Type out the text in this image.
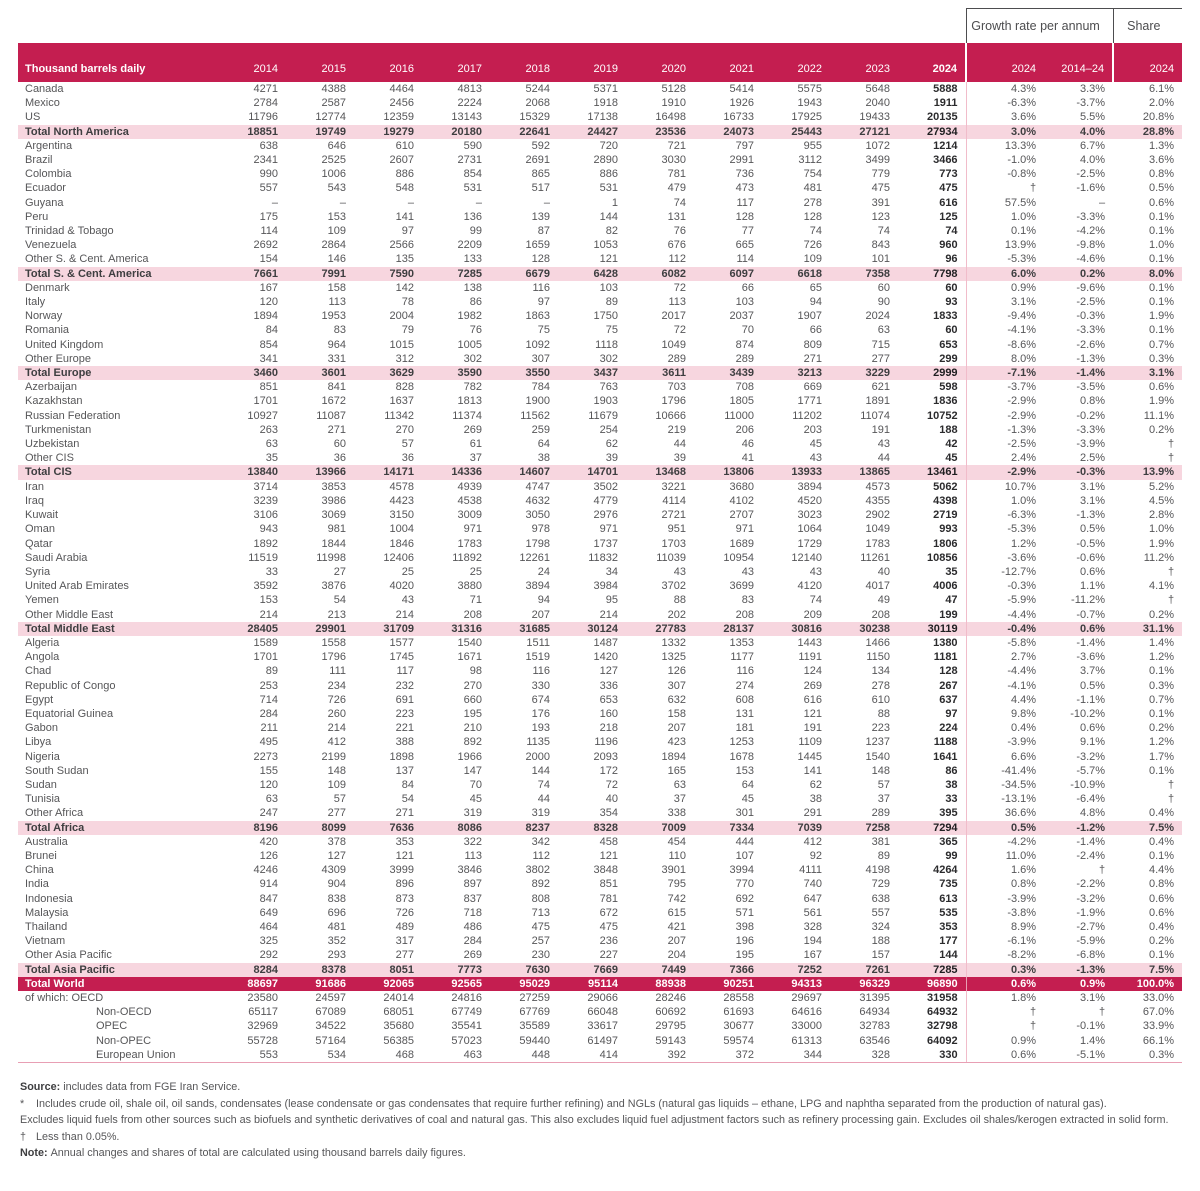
												Growth rate per annum		Share
Thousand barrels daily	2014	2015	2016	2017	2018	2019	2020	2021	2022	2023	2024	2024	2014–24	2024
Canada	4271	4388	4464	4813	5244	5371	5128	5414	5575	5648	5888	4.3%	3.3%	6.1%
Mexico	2784	2587	2456	2224	2068	1918	1910	1926	1943	2040	1911	-6.3%	-3.7%	2.0%
US	11796	12774	12359	13143	15329	17138	16498	16733	17925	19433	20135	3.6%	5.5%	20.8%
Total North America	18851	19749	19279	20180	22641	24427	23536	24073	25443	27121	27934	3.0%	4.0%	28.8%
Argentina	638	646	610	590	592	720	721	797	955	1072	1214	13.3%	6.7%	1.3%
Brazil	2341	2525	2607	2731	2691	2890	3030	2991	3112	3499	3466	-1.0%	4.0%	3.6%
Colombia	990	1006	886	854	865	886	781	736	754	779	773	-0.8%	-2.5%	0.8%
Ecuador	557	543	548	531	517	531	479	473	481	475	475	†	-1.6%	0.5%
Guyana	–	–	–	–	–	1	74	117	278	391	616	57.5%	–	0.6%
Peru	175	153	141	136	139	144	131	128	128	123	125	1.0%	-3.3%	0.1%
Trinidad & Tobago	114	109	97	99	87	82	76	77	74	74	74	0.1%	-4.2%	0.1%
Venezuela	2692	2864	2566	2209	1659	1053	676	665	726	843	960	13.9%	-9.8%	1.0%
Other S. & Cent. America	154	146	135	133	128	121	112	114	109	101	96	-5.3%	-4.6%	0.1%
Total S. & Cent. America	7661	7991	7590	7285	6679	6428	6082	6097	6618	7358	7798	6.0%	0.2%	8.0%
Denmark	167	158	142	138	116	103	72	66	65	60	60	0.9%	-9.6%	0.1%
Italy	120	113	78	86	97	89	113	103	94	90	93	3.1%	-2.5%	0.1%
Norway	1894	1953	2004	1982	1863	1750	2017	2037	1907	2024	1833	-9.4%	-0.3%	1.9%
Romania	84	83	79	76	75	75	72	70	66	63	60	-4.1%	-3.3%	0.1%
United Kingdom	854	964	1015	1005	1092	1118	1049	874	809	715	653	-8.6%	-2.6%	0.7%
Other Europe	341	331	312	302	307	302	289	289	271	277	299	8.0%	-1.3%	0.3%
Total Europe	3460	3601	3629	3590	3550	3437	3611	3439	3213	3229	2999	-7.1%	-1.4%	3.1%
Azerbaijan	851	841	828	782	784	763	703	708	669	621	598	-3.7%	-3.5%	0.6%
Kazakhstan	1701	1672	1637	1813	1900	1903	1796	1805	1771	1891	1836	-2.9%	0.8%	1.9%
Russian Federation	10927	11087	11342	11374	11562	11679	10666	11000	11202	11074	10752	-2.9%	-0.2%	11.1%
Turkmenistan	263	271	270	269	259	254	219	206	203	191	188	-1.3%	-3.3%	0.2%
Uzbekistan	63	60	57	61	64	62	44	46	45	43	42	-2.5%	-3.9%	†
Other CIS	35	36	36	37	38	39	39	41	43	44	45	2.4%	2.5%	†
Total CIS	13840	13966	14171	14336	14607	14701	13468	13806	13933	13865	13461	-2.9%	-0.3%	13.9%
Iran	3714	3853	4578	4939	4747	3502	3221	3680	3894	4573	5062	10.7%	3.1%	5.2%
Iraq	3239	3986	4423	4538	4632	4779	4114	4102	4520	4355	4398	1.0%	3.1%	4.5%
Kuwait	3106	3069	3150	3009	3050	2976	2721	2707	3023	2902	2719	-6.3%	-1.3%	2.8%
Oman	943	981	1004	971	978	971	951	971	1064	1049	993	-5.3%	0.5%	1.0%
Qatar	1892	1844	1846	1783	1798	1737	1703	1689	1729	1783	1806	1.2%	-0.5%	1.9%
Saudi Arabia	11519	11998	12406	11892	12261	11832	11039	10954	12140	11261	10856	-3.6%	-0.6%	11.2%
Syria	33	27	25	25	24	34	43	43	43	40	35	-12.7%	0.6%	†
United Arab Emirates	3592	3876	4020	3880	3894	3984	3702	3699	4120	4017	4006	-0.3%	1.1%	4.1%
Yemen	153	54	43	71	94	95	88	83	74	49	47	-5.9%	-11.2%	†
Other Middle East	214	213	214	208	207	214	202	208	209	208	199	-4.4%	-0.7%	0.2%
Total Middle East	28405	29901	31709	31316	31685	30124	27783	28137	30816	30238	30119	-0.4%	0.6%	31.1%
Algeria	1589	1558	1577	1540	1511	1487	1332	1353	1443	1466	1380	-5.8%	-1.4%	1.4%
Angola	1701	1796	1745	1671	1519	1420	1325	1177	1191	1150	1181	2.7%	-3.6%	1.2%
Chad	89	111	117	98	116	127	126	116	124	134	128	-4.4%	3.7%	0.1%
Republic of Congo	253	234	232	270	330	336	307	274	269	278	267	-4.1%	0.5%	0.3%
Egypt	714	726	691	660	674	653	632	608	616	610	637	4.4%	-1.1%	0.7%
Equatorial Guinea	284	260	223	195	176	160	158	131	121	88	97	9.8%	-10.2%	0.1%
Gabon	211	214	221	210	193	218	207	181	191	223	224	0.4%	0.6%	0.2%
Libya	495	412	388	892	1135	1196	423	1253	1109	1237	1188	-3.9%	9.1%	1.2%
Nigeria	2273	2199	1898	1966	2000	2093	1894	1678	1445	1540	1641	6.6%	-3.2%	1.7%
South Sudan	155	148	137	147	144	172	165	153	141	148	86	-41.4%	-5.7%	0.1%
Sudan	120	109	84	70	74	72	63	64	62	57	38	-34.5%	-10.9%	†
Tunisia	63	57	54	45	44	40	37	45	38	37	33	-13.1%	-6.4%	†
Other Africa	247	277	271	319	319	354	338	301	291	289	395	36.6%	4.8%	0.4%
Total Africa	8196	8099	7636	8086	8237	8328	7009	7334	7039	7258	7294	0.5%	-1.2%	7.5%
Australia	420	378	353	322	342	458	454	444	412	381	365	-4.2%	-1.4%	0.4%
Brunei	126	127	121	113	112	121	110	107	92	89	99	11.0%	-2.4%	0.1%
China	4246	4309	3999	3846	3802	3848	3901	3994	4111	4198	4264	1.6%	†	4.4%
India	914	904	896	897	892	851	795	770	740	729	735	0.8%	-2.2%	0.8%
Indonesia	847	838	873	837	808	781	742	692	647	638	613	-3.9%	-3.2%	0.6%
Malaysia	649	696	726	718	713	672	615	571	561	557	535	-3.8%	-1.9%	0.6%
Thailand	464	481	489	486	475	475	421	398	328	324	353	8.9%	-2.7%	0.4%
Vietnam	325	352	317	284	257	236	207	196	194	188	177	-6.1%	-5.9%	0.2%
Other Asia Pacific	292	293	277	269	230	227	204	195	167	157	144	-8.2%	-6.8%	0.1%
Total Asia Pacific	8284	8378	8051	7773	7630	7669	7449	7366	7252	7261	7285	0.3%	-1.3%	7.5%
Total World	88697	91686	92065	92565	95029	95114	88938	90251	94313	96329	96890	0.6%	0.9%	100.0%
of which: OECD	23580	24597	24014	24816	27259	29066	28246	28558	29697	31395	31958	1.8%	3.1%	33.0%
Non-OECD	65117	67089	68051	67749	67769	66048	60692	61693	64616	64934	64932	†	†	67.0%
OPEC	32969	34522	35680	35541	35589	33617	29795	30677	33000	32783	32798	†	-0.1%	33.9%
Non-OPEC	55728	57164	56385	57023	59440	61497	59143	59574	61313	63546	64092	0.9%	1.4%	66.1%
European Union	553	534	468	463	448	414	392	372	344	328	330	0.6%	-5.1%	0.3%
Source: includes data from FGE Iran Service.
*	Includes crude oil, shale oil, oil sands, condensates (lease condensate or gas condensates that require further refining) and NGLs (natural gas liquids – ethane, LPG and naphtha separated from the production of natural gas).
Excludes liquid fuels from other sources such as biofuels and synthetic derivatives of coal and natural gas. This also excludes liquid fuel adjustment factors such as refinery processing gain. Excludes oil shales/kerogen extracted in solid form.
† Less than 0.05%.
Note: Annual changes and shares of total are calculated using thousand barrels daily figures.
